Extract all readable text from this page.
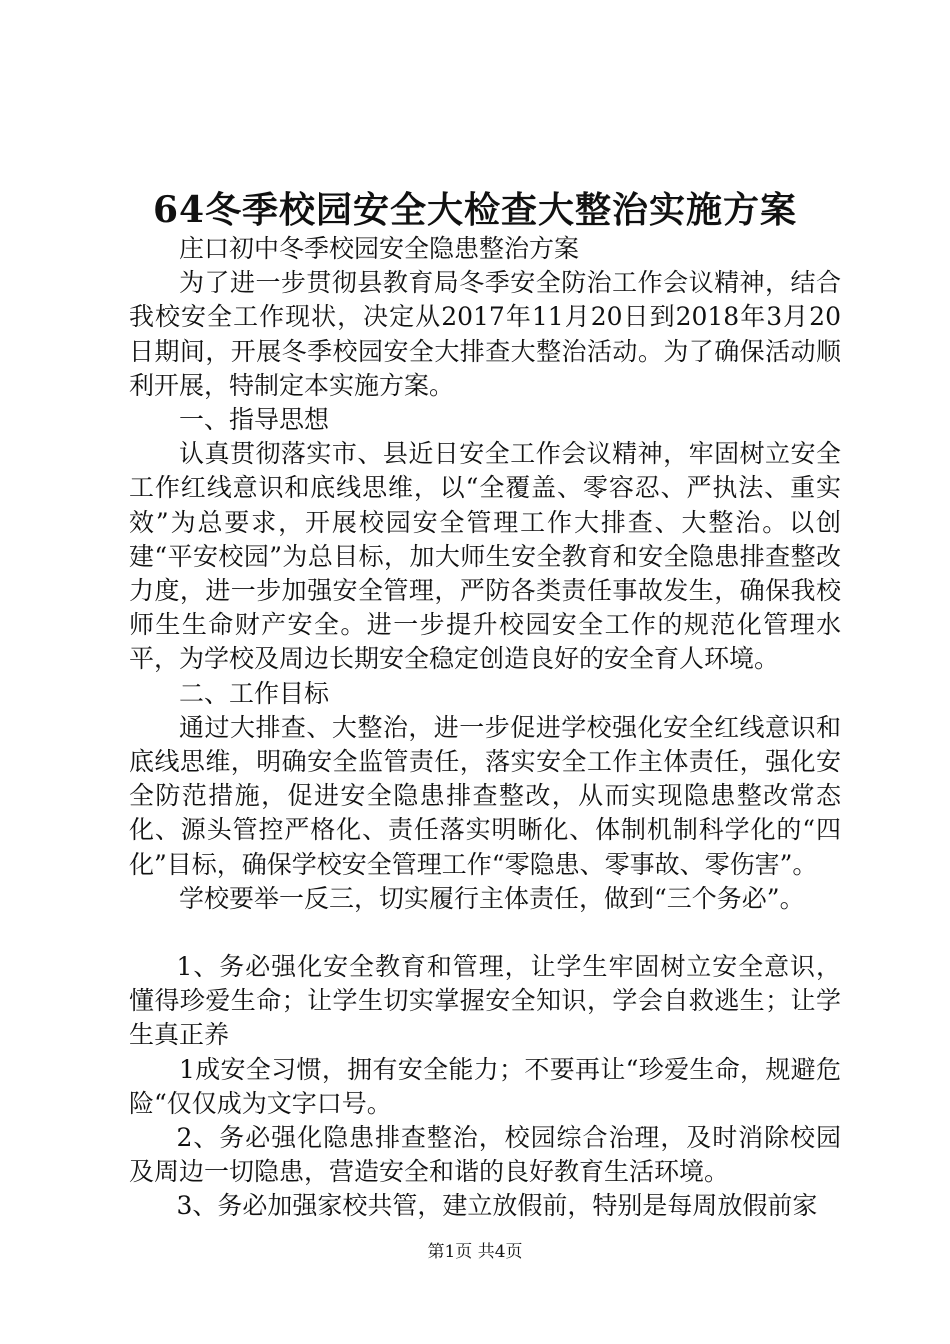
64冬季校园安全大检查大整治实施方案

庄口初中冬季校园安全隐患整治方案

为了进一步贯彻县教育局冬季安全防治工作会议精神，结合我校安全工作现状，决定从2017年11月20日到2018年3月20日期间，开展冬季校园安全大排查大整治活动。为了确保活动顺利开展，特制定本实施方案。

一、指导思想

认真贯彻落实市、县近日安全工作会议精神，牢固树立安全工作红线意识和底线思维，以“全覆盖、零容忍、严执法、重实效”为总要求，开展校园安全管理工作大排查、大整治。以创建“平安校园”为总目标，加大师生安全教育和安全隐患排查整改力度，进一步加强安全管理，严防各类责任事故发生，确保我校师生生命财产安全。进一步提升校园安全工作的规范化管理水平，为学校及周边长期安全稳定创造良好的安全育人环境。

二、工作目标

通过大排查、大整治，进一步促进学校强化安全红线意识和底线思维，明确安全监管责任，落实安全工作主体责任，强化安全防范措施，促进安全隐患排查整改，从而实现隐患整改常态化、源头管控严格化、责任落实明晰化、体制机制科学化的“四化”目标，确保学校安全管理工作“零隐患、零事故、零伤害”。

学校要举一反三，切实履行主体责任，做到“三个务必”。

1、务必强化安全教育和管理，让学生牢固树立安全意识，懂得珍爱生命；让学生切实掌握安全知识，学会自救逃生；让学生真正养

1成安全习惯，拥有安全能力；不要再让“珍爱生命，规避危险“仅仅成为文字口号。

2、务必强化隐患排查整治，校园综合治理，及时消除校园及周边一切隐患，营造安全和谐的良好教育生活环境。

3、务必加强家校共管，建立放假前，特别是每周放假前家

第1页 共4页
